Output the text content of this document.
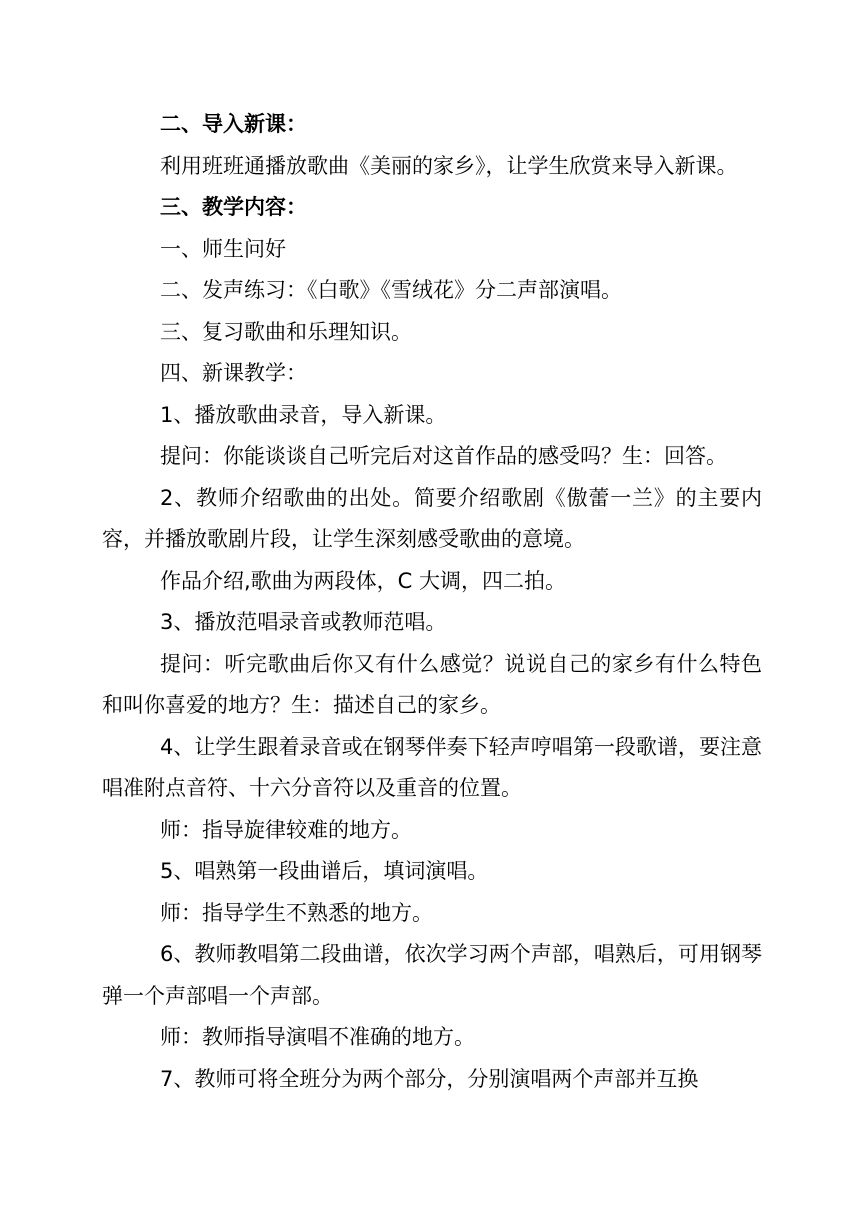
二、导入新课：

利用班班通播放歌曲《美丽的家乡》，让学生欣赏来导入新课。

三、教学内容：

一、师生问好

二、发声练习：《白歌》《雪绒花》分二声部演唱。

三、复习歌曲和乐理知识。

四、新课教学：

1、播放歌曲录音，导入新课。

提问：你能谈谈自己听完后对这首作品的感受吗？生：回答。

2、教师介绍歌曲的出处。简要介绍歌剧《傲蕾一兰》的主要内容，并播放歌剧片段，让学生深刻感受歌曲的意境。

作品介绍,歌曲为两段体，C 大调，四二拍。

3、播放范唱录音或教师范唱。

提问：听完歌曲后你又有什么感觉？说说自己的家乡有什么特色和叫你喜爱的地方？生：描述自己的家乡。

4、让学生跟着录音或在钢琴伴奏下轻声哼唱第一段歌谱，要注意唱准附点音符、十六分音符以及重音的位置。

师：指导旋律较难的地方。

5、唱熟第一段曲谱后，填词演唱。

师：指导学生不熟悉的地方。

6、教师教唱第二段曲谱，依次学习两个声部，唱熟后，可用钢琴弹一个声部唱一个声部。

师：教师指导演唱不准确的地方。

7、教师可将全班分为两个部分，分别演唱两个声部并互换
